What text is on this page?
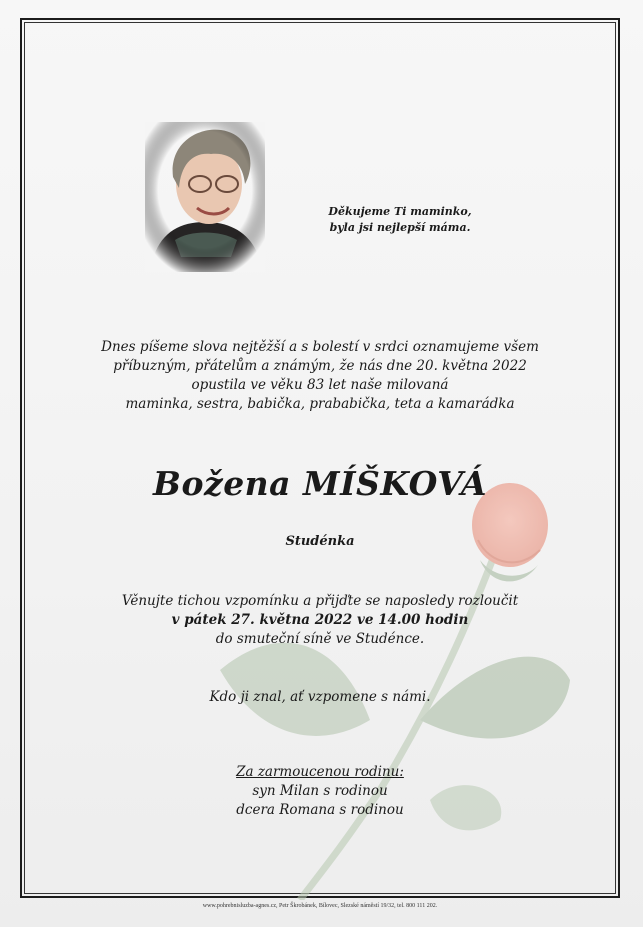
Děkujeme Ti maminko,
byla jsi nejlepší máma.
Dnes píšeme slova nejtěžší a s bolestí v srdci oznamujeme všem
příbuzným, přátelům a známým, že nás dne 20. května 2022
opustila ve věku 83 let naše milovaná
maminka, sestra, babička, prababička, teta a kamarádka
Božena MÍŠKOVÁ
Studénka
Věnujte tichou vzpomínku a přijďte se naposledy rozloučit
v pátek 27. května 2022 ve 14.00 hodin
do smuteční síně ve Studénce.
Kdo ji znal, ať vzpomene s námi.
Za zarmoucenou rodinu:
syn Milan s rodinou
dcera Romana s rodinou
www.pohrebnisluzba-agnes.cz, Petr Škrobánek, Bílovec, Slezské náměstí 19/32, tel. 800 111 202.
